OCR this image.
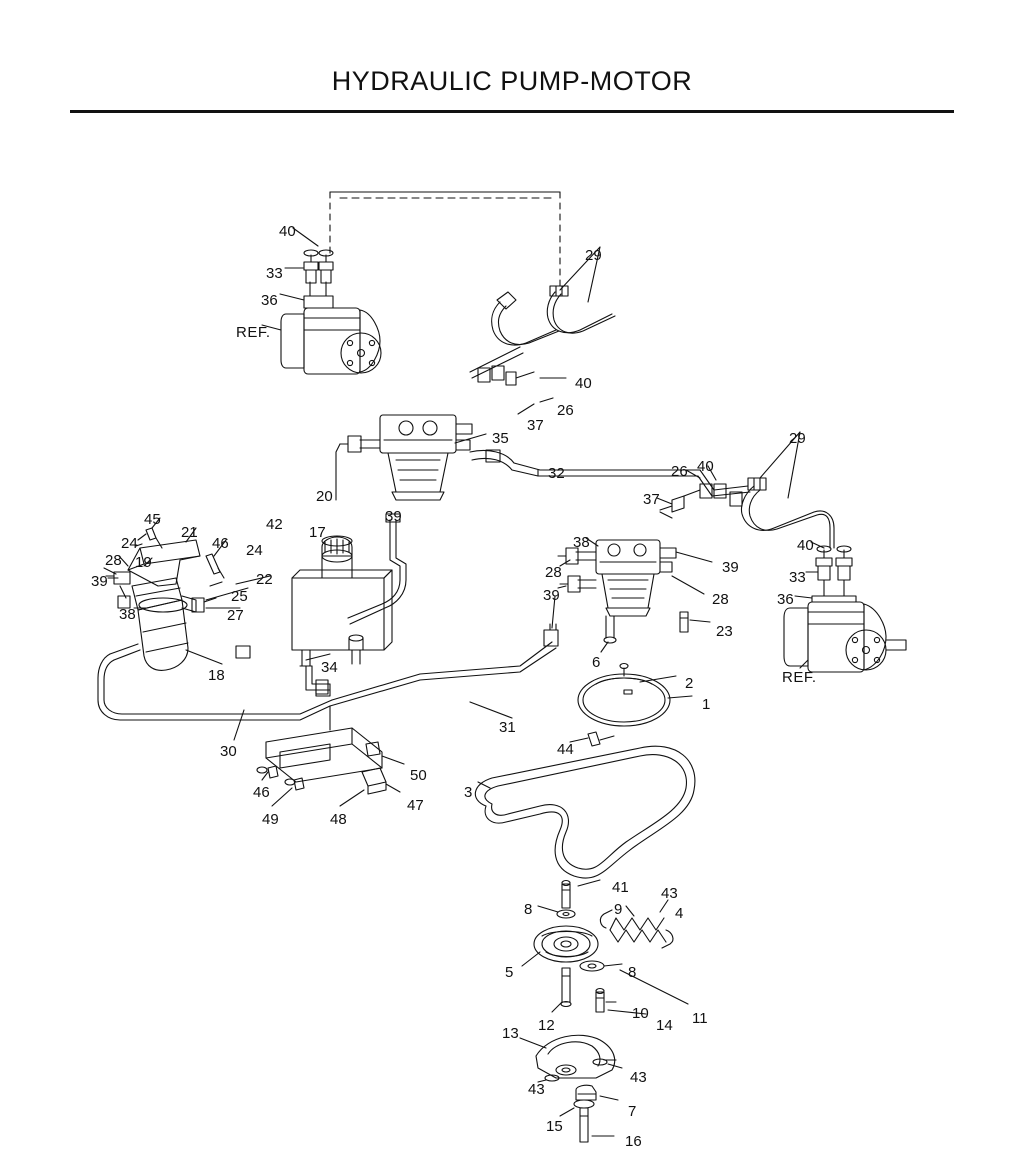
HYDRAULIC PUMP-MOTOR
40
33
36
29
40
26
37
35
32
29
26 40
37
40
33
36
20
39
42 17
45
21
24	46 24
19
28
22
39
25
38	27
18	34
30
31
38
28
39
39
28
23
6
2
1
44
46
49	48
47
50
3
41 43
8	9	4
8
5
11
12	14
10
13
43
43
7
15
16
REF.
REF.
